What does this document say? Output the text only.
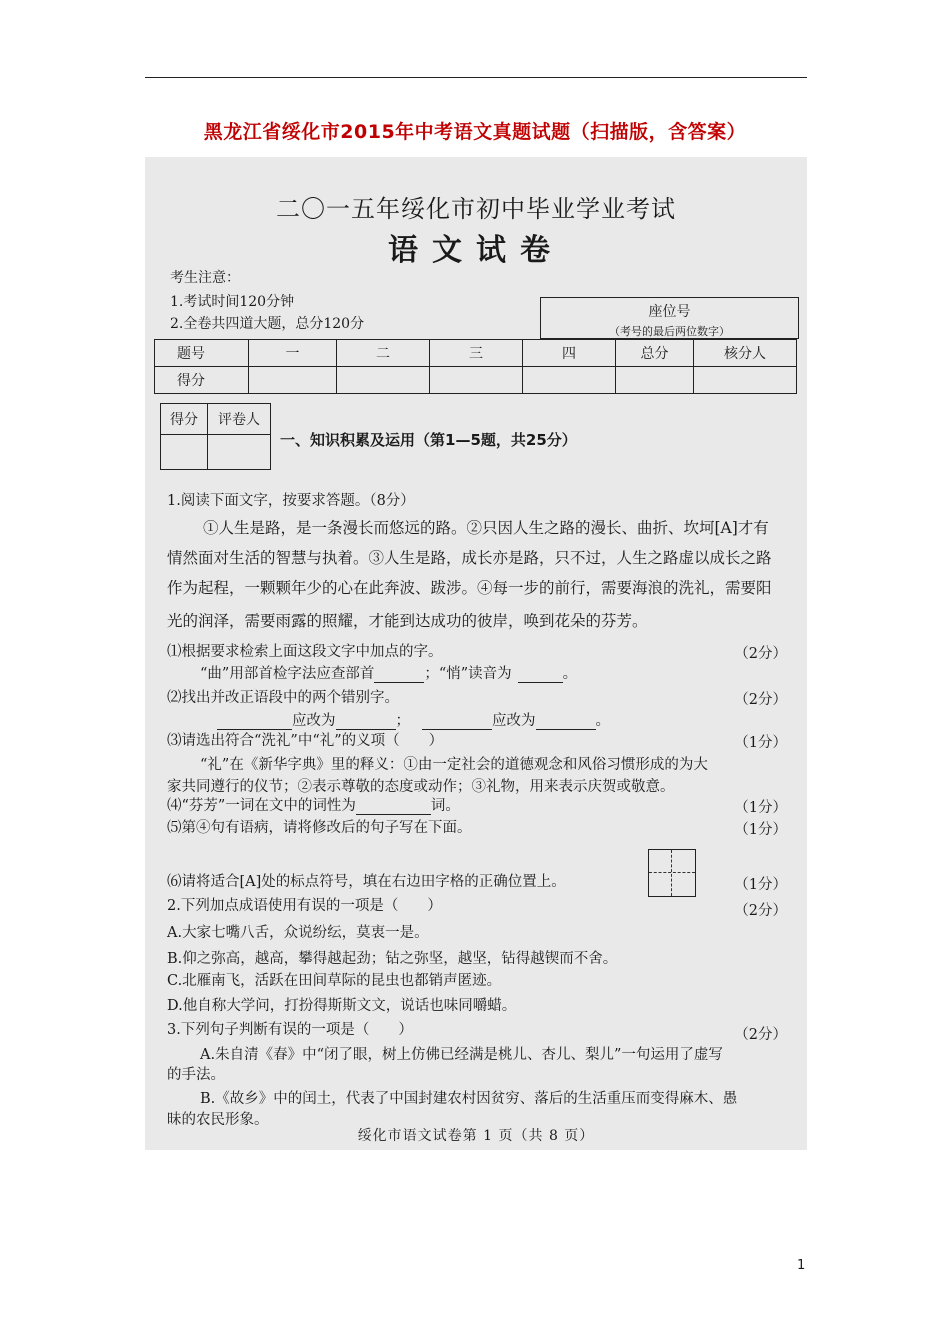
黑龙江省绥化市2015年中考语文真题试题（扫描版，含答案）
二〇一五年绥化市初中毕业学业考试
语文试卷
考生注意：
1.考试时间120分钟
2.全卷共四道大题，总分120分
座位号
（考号的最后两位数字）
题号	一	二	三	四	总分	核分人
得分						
得分	评卷人

一、知识积累及运用（第1—5题，共25分）
1.阅读下面文字，按要求答题。（8分）
①人生是路，是一条漫长而悠远的路。②只因人生之路的漫长、曲折、坎坷[A]才有
情然面对生活的智慧与执着。③人生是路，成长亦是路，只不过，人生之路虚以成长之路
作为起程，一颗颗年少的心在此奔波、跋涉。④每一步的前行，需要海浪的洗礼，需要阳
光的润泽，需要雨露的照耀，才能到达成功的彼岸，唤到花朵的芬芳。
⑴根据要求检索上面这段文字中加点的字。	（2分）
“曲”用部首检字法应查部首	；“悄”读音为	。
⑵找出并改正语段中的两个错别字。	（2分）
应改为	；	应改为	。
⑶请选出符合“洗礼”中“礼”的义项（　　）	（1分）
“礼”在《新华字典》里的释义：①由一定社会的道德观念和风俗习惯形成的为大
家共同遵行的仪节；②表示尊敬的态度或动作；③礼物，用来表示庆贺或敬意。
⑷“芬芳”一词在文中的词性为	词。	（1分）
⑸第④句有语病，请将修改后的句子写在下面。	（1分）
⑹请将适合[A]处的标点符号，填在右边田字格的正确位置上。	（1分）
2.下列加点成语使用有误的一项是（　　）	（2分）
A.大家七嘴八舌，众说纷纭，莫衷一是。
B.仰之弥高，越高，攀得越起劲；钻之弥坚，越坚，钻得越锲而不舍。
C.北雁南飞，活跃在田间草际的昆虫也都销声匿迹。
D.他自称大学问，打扮得斯斯文文，说话也味同嚼蜡。
3.下列句子判断有误的一项是（　　）	（2分）
A.朱自清《春》中“闭了眼，树上仿佛已经满是桃儿、杏儿、梨儿”一句运用了虚写
的手法。
B.《故乡》中的闰土，代表了中国封建农村因贫穷、落后的生活重压而变得麻木、愚
昧的农民形象。
绥化市语文试卷第 1 页（共 8 页）
1
